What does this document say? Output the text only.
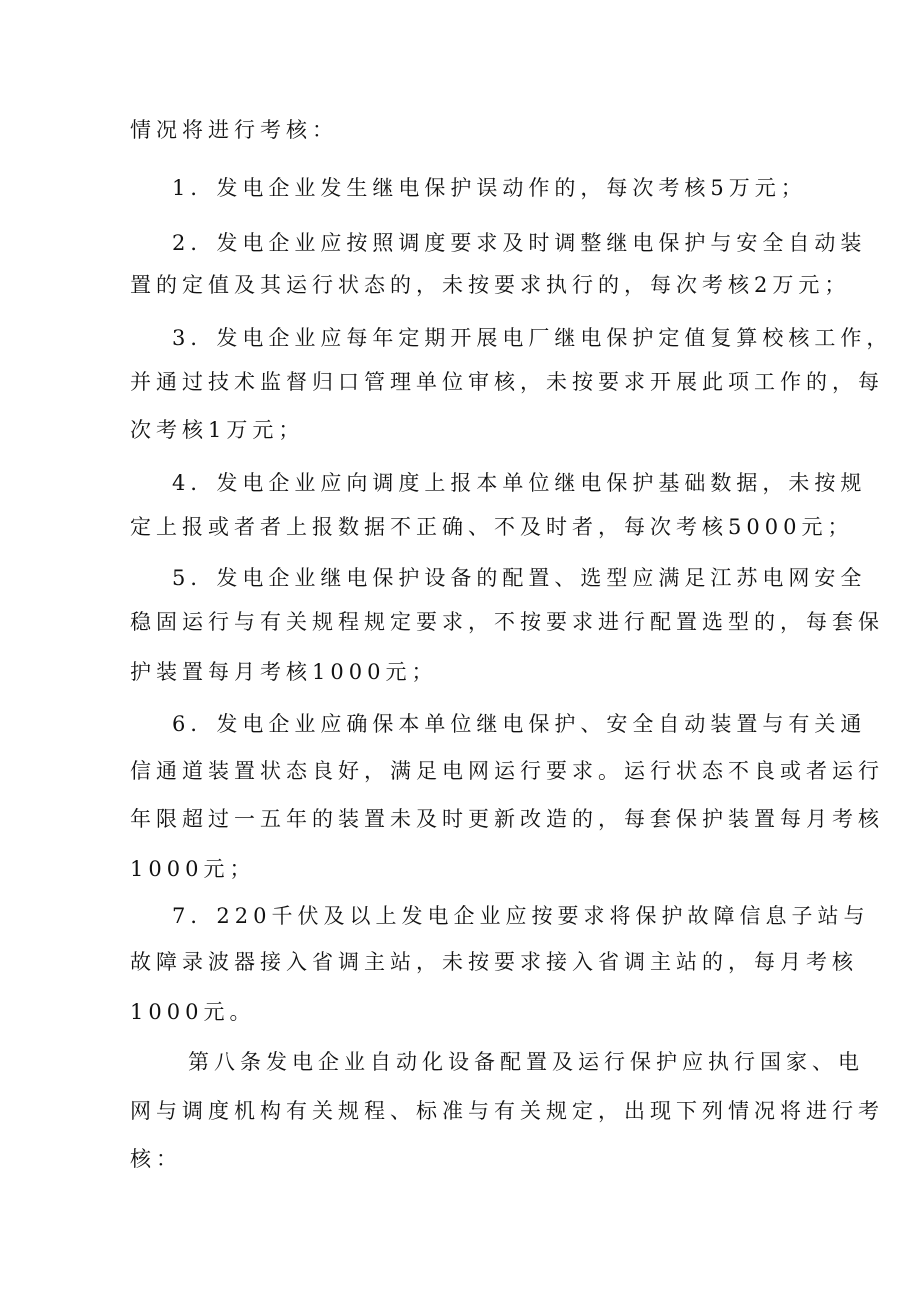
情况将进行考核：
1．发电企业发生继电保护误动作的，每次考核5万元；
2．发电企业应按照调度要求及时调整继电保护与安全自动装
置的定值及其运行状态的，未按要求执行的，每次考核2万元；
3．发电企业应每年定期开展电厂继电保护定值复算校核工作，
并通过技术监督归口管理单位审核，未按要求开展此项工作的，每
次考核1万元；
4．发电企业应向调度上报本单位继电保护基础数据，未按规
定上报或者者上报数据不正确、不及时者，每次考核5000元；
5．发电企业继电保护设备的配置、选型应满足江苏电网安全
稳固运行与有关规程规定要求，不按要求进行配置选型的，每套保
护装置每月考核1000元；
6．发电企业应确保本单位继电保护、安全自动装置与有关通
信通道装置状态良好，满足电网运行要求。运行状态不良或者运行
年限超过一五年的装置未及时更新改造的，每套保护装置每月考核
1000元；
7．220千伏及以上发电企业应按要求将保护故障信息子站与
故障录波器接入省调主站，未按要求接入省调主站的，每月考核
1000元。
第八条发电企业自动化设备配置及运行保护应执行国家、电
网与调度机构有关规程、标准与有关规定，出现下列情况将进行考
核：
